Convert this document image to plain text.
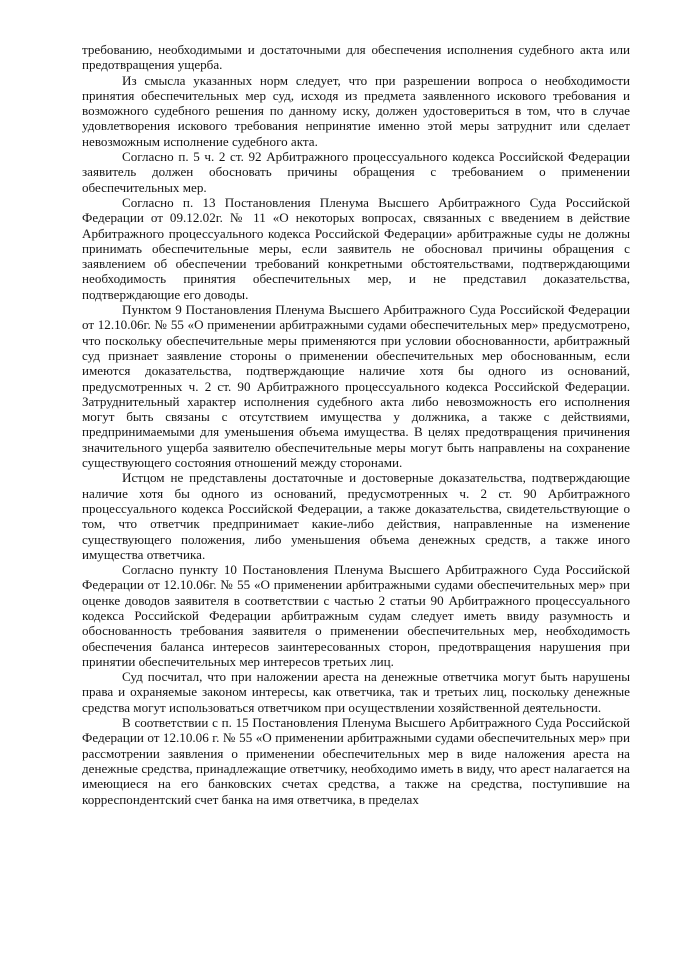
требованию, необходимыми и достаточными для обеспечения исполнения судебного акта или предотвращения ущерба.

Из смысла указанных норм следует, что при разрешении вопроса о необходимости принятия обеспечительных мер суд, исходя из предмета заявленного искового требования и возможного судебного решения по данному иску, должен удостовериться в том, что в случае удовлетворения искового требования непринятие именно этой меры затруднит или сделает невозможным исполнение судебного акта.

Согласно п. 5 ч. 2 ст. 92 Арбитражного процессуального кодекса Российской Федерации заявитель должен обосновать причины обращения с требованием о применении обеспечительных мер.

Согласно п. 13 Постановления Пленума Высшего Арбитражного Суда Российской Федерации от 09.12.02г. № 11 «О некоторых вопросах, связанных с введением в действие Арбитражного процессуального кодекса Российской Федерации» арбитражные суды не должны принимать обеспечительные меры, если заявитель не обосновал причины обращения с заявлением об обеспечении требований конкретными обстоятельствами, подтверждающими необходимость принятия обеспечительных мер, и не представил доказательства, подтверждающие его доводы.

Пунктом 9 Постановления Пленума Высшего Арбитражного Суда Российской Федерации от 12.10.06г. № 55 «О применении арбитражными судами обеспечительных мер» предусмотрено, что поскольку обеспечительные меры применяются при условии обоснованности, арбитражный суд признает заявление стороны о применении обеспечительных мер обоснованным, если имеются доказательства, подтверждающие наличие хотя бы одного из оснований, предусмотренных ч. 2 ст. 90 Арбитражного процессуального кодекса Российской Федерации. Затруднительный характер исполнения судебного акта либо невозможность его исполнения могут быть связаны с отсутствием имущества у должника, а также с действиями, предпринимаемыми для уменьшения объема имущества. В целях предотвращения причинения значительного ущерба заявителю обеспечительные меры могут быть направлены на сохранение существующего состояния отношений между сторонами.

Истцом не представлены достаточные и достоверные доказательства, подтверждающие наличие хотя бы одного из оснований, предусмотренных ч. 2 ст. 90 Арбитражного процессуального кодекса Российской Федерации, а также доказательства, свидетельствующие о том, что ответчик предпринимает какие-либо действия, направленные на изменение существующего положения, либо уменьшения объема денежных средств, а также иного имущества ответчика.

Согласно пункту 10 Постановления Пленума Высшего Арбитражного Суда Российской Федерации от 12.10.06г. № 55 «О применении арбитражными судами обеспечительных мер» при оценке доводов заявителя в соответствии с частью 2 статьи 90 Арбитражного процессуального кодекса Российской Федерации арбитражным судам следует иметь ввиду разумность и обоснованность требования заявителя о применении обеспечительных мер, необходимость обеспечения баланса интересов заинтересованных сторон, предотвращения нарушения при принятии обеспечительных мер интересов третьих лиц.

Суд посчитал, что при наложении ареста на денежные ответчика могут быть нарушены права и охраняемые законом интересы, как ответчика, так и третьих лиц, поскольку денежные средства могут использоваться ответчиком при осуществлении хозяйственной деятельности.

В соответствии с п. 15 Постановления Пленума Высшего Арбитражного Суда Российской Федерации от 12.10.06 г. № 55 «О применении арбитражными судами обеспечительных мер» при рассмотрении заявления о применении обеспечительных мер в виде наложения ареста на денежные средства, принадлежащие ответчику, необходимо иметь в виду, что арест налагается на имеющиеся на его банковских счетах средства, а также на средства, поступившие на корреспондентский счет банка на имя ответчика, в пределах
